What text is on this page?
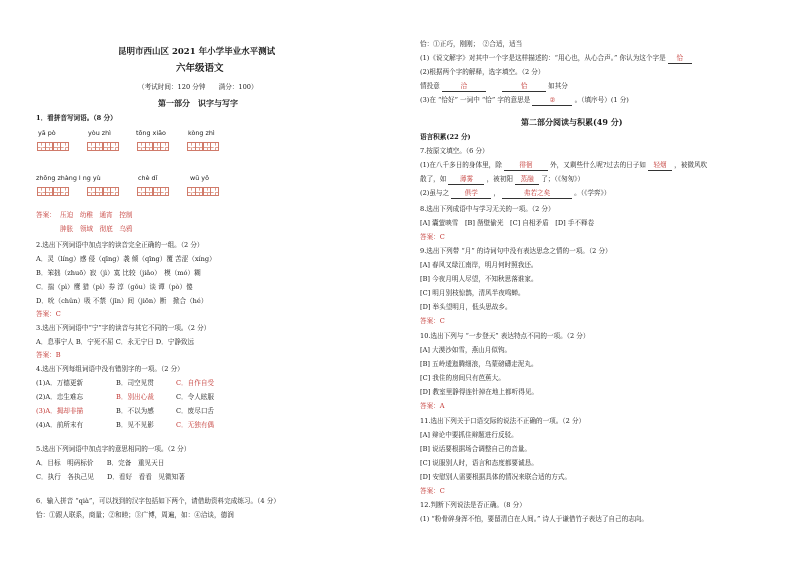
昆明市西山区 2021 年小学毕业水平测试
六年级语文
（考试时间：120 分钟　　满分：100）
第一部分　识字与写字
1．看拼音写词语。（8 分）
yā pò	yòu zhì	tōng xiāo	kòng zhì
zhōng zhàng l ng yù	chè dǐ	wū yǒ
答案： 压迫　幼稚　通宵　控制
肿胀　领域　彻底　乌鸦
2.选出下列词语中加点字的读音完全正确的一组。（2 分）
A．灵（líng）感 侵（qīng）袭 倾（qīng）覆 苦涩（xíng）
B．笨拙（zhuō）寂（jì）寞 比较（jiǎo）　模（mó）糊
C．揣（pì）鹰 猎（pì）券 淳（ɡǒu）谈 谭（pò）傻
D．吮（chǔn）吸 不禁（jīn）间（jiōn）断　掀合（hé）
答案：C
3.选出下列词语中“宁”字的读音与其它不同的一项。（2 分）
A．息事宁人 B．宁死不屈 C．永无宁日 D．宁静致远
答案：B
4.选出下列每组词语中没有错别字的一项。（2 分）
(1)A．万德更新	B．司空见贯	C．自作自受
(2)A．忠生难忘	B．别出心裁	C．令人眩服
(3)A．揭却非描	B．不以为感	C．废尽口舌
(4)A．前所末有	B．见不见影	C．无独有偶
5.选出下列词语中加点字的意思相同的一项。（2 分）
A．目标　明码标价　　B．完备　重见天日
C．执行　各执己见　　D．看好　看看　见微知著
6．输入拼音 “qià”，可以找到的汉字包括如下两个，请借助资料完成练习。（4 分）
恰：①跟人联系，商量；②和睦；③广博，周遍，如：④洽谈，德润
恰：①正巧，刚刚；　②合适，适当
(1)《说文解字》对其中一个字是这样描述的：“用心也，从心合声。” 你认为这个字是 恰
(2)根据两个字的解释，选字填空。（2 分）
情投意	洽	恰	如其分
(3)在 “恰好” 一词中 “恰” 字的意思是	②	。（填序号）(1 分)
第二部分阅读与积累(49 分)
语言积累(22 分)
7.按原文填空。（6 分）
(1)在八千多日的身体里，除	徘徊	外，又剩些什么呢?过去的日子如 轻烟 ，被微风吹
散了，如 薄雾 ，被初阳 蒸融 了；（《匆匆》）
(2)虽与之 俱学 ，	弗若之矣	。（《学弈》）
8.选出下列成语中与学习无关的一项。（2 分）
[A] 囊萤映雪　[B] 凿壁偷光　[C] 自相矛盾　[D] 手不释卷
答案：C
9.选出下列带 “月” 的诗词句中没有表达思念之情的一项。（2 分）
[A] 春风又绿江南岸，明月何时照我还。
[B] 今夜月明人尽望，不知秋思落谁家。
[C] 明月别枝惊鹊，清风半夜鸣蝉。
[D] 举头望明月，低头思故乡。
答案：C
10.选出下列与 “一步登天” 表达特点不同的一项。（2 分）
[A] 大漠沙如雪，燕山月似钩。
[B] 五岭逶迤腾细浪，乌蒙磅礴走泥丸。
[C] 我住的房间只有芭蕉大。
[D] 教室里静得连针掉在地上都听得见。
答案：A
11.选出下列关于口语交际的说法不正确的一项。（2 分）
[A] 辩论中要抓住辩题进行反驳。
[B] 说话要根据场合调整自己的音量。
[C] 说服别人时，语言和态度都要诚恳。
[D] 安慰别人需要根据具体的情况来联合适的方式。
答案：C
12.判断下列说法是否正确。（8 分）
(1) “粉骨碎身浑不怕，要留清白在人间。” 诗人于谦借竹子表达了自己的志向。
